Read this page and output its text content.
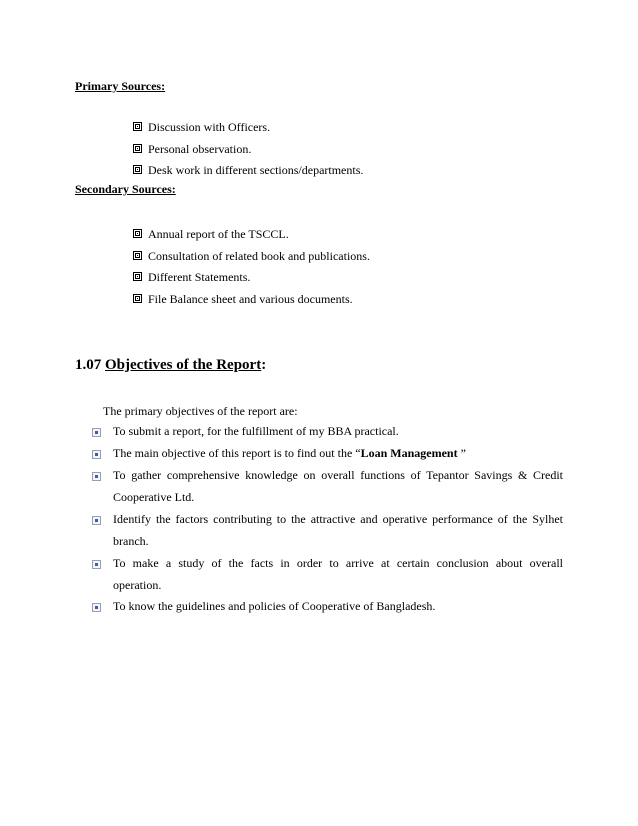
Primary Sources:
Discussion with Officers.
Personal observation.
Desk work in different sections/departments.
Secondary Sources:
Annual report of the TSCCL.
Consultation of related book and publications.
Different Statements.
File Balance sheet and various documents.
1.07 Objectives of the Report:
The primary objectives of the report are:
To submit a report, for the fulfillment of my BBA practical.
The main objective of this report is to find out the “Loan Management ”
To gather comprehensive knowledge on overall functions of Tepantor Savings & Credit
Cooperative Ltd.
Identify the factors contributing to the attractive and operative performance of the Sylhet
branch.
To make a study of the facts in order to arrive at certain conclusion about overall
operation.
To know the guidelines and policies of Cooperative of Bangladesh.
